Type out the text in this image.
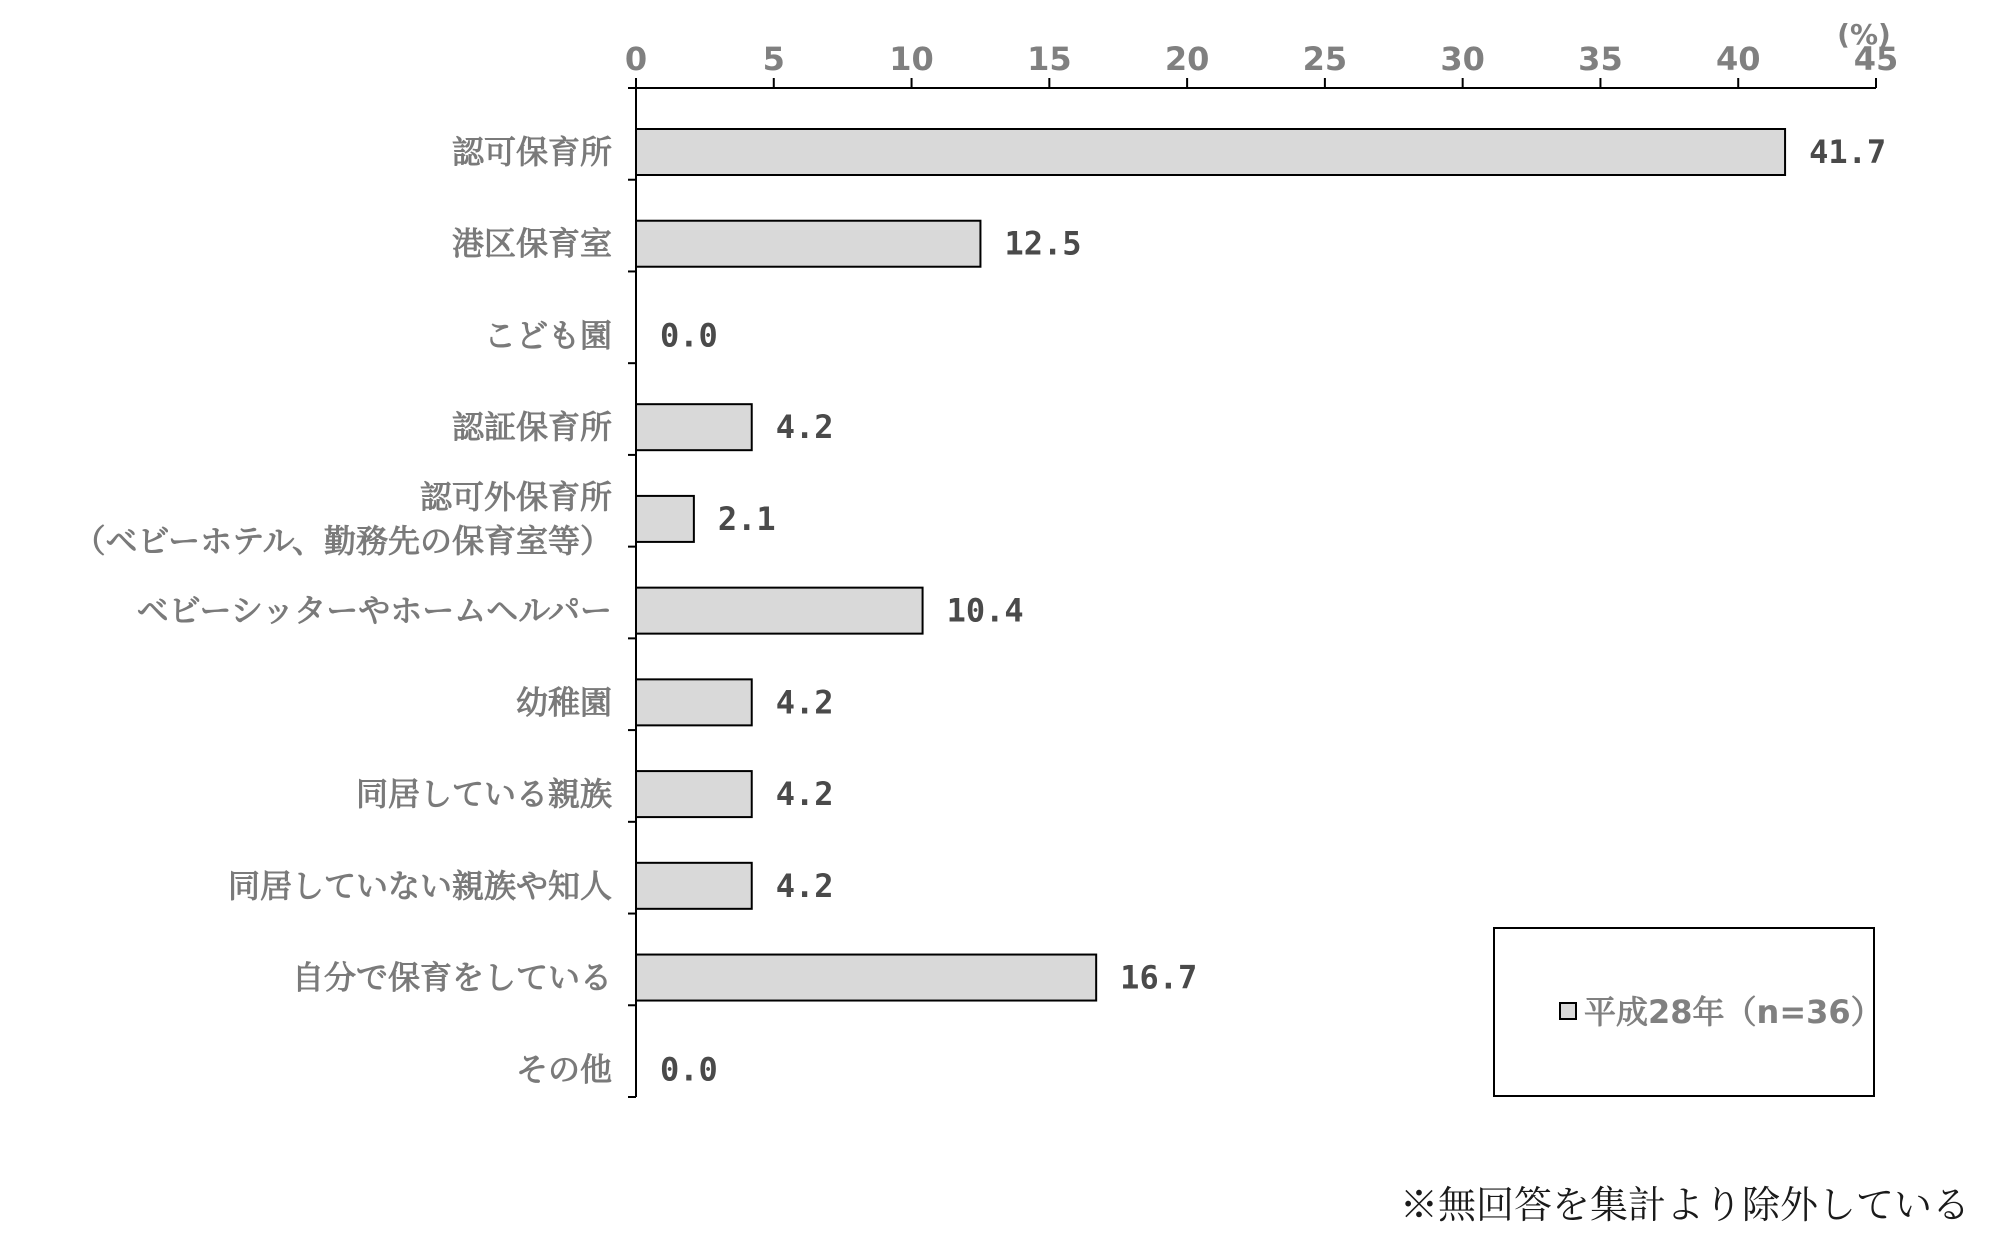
0	5	10	15	20	25	30	35	40	45
(%)
認可保育所
港区保育室
こども園
認証保育所
認可外保育所
（ベビーホテル、勤務先の保育室等）
ベビーシッターやホームヘルパー
幼稚園
同居している親族
同居していない親族や知人
自分で保育をしている
その他
41.7
12.5
0.0
4.2
2.1
10.4
4.2
4.2
4.2
16.7
0.0
平成28年（n=36）
※無回答を集計より除外している
